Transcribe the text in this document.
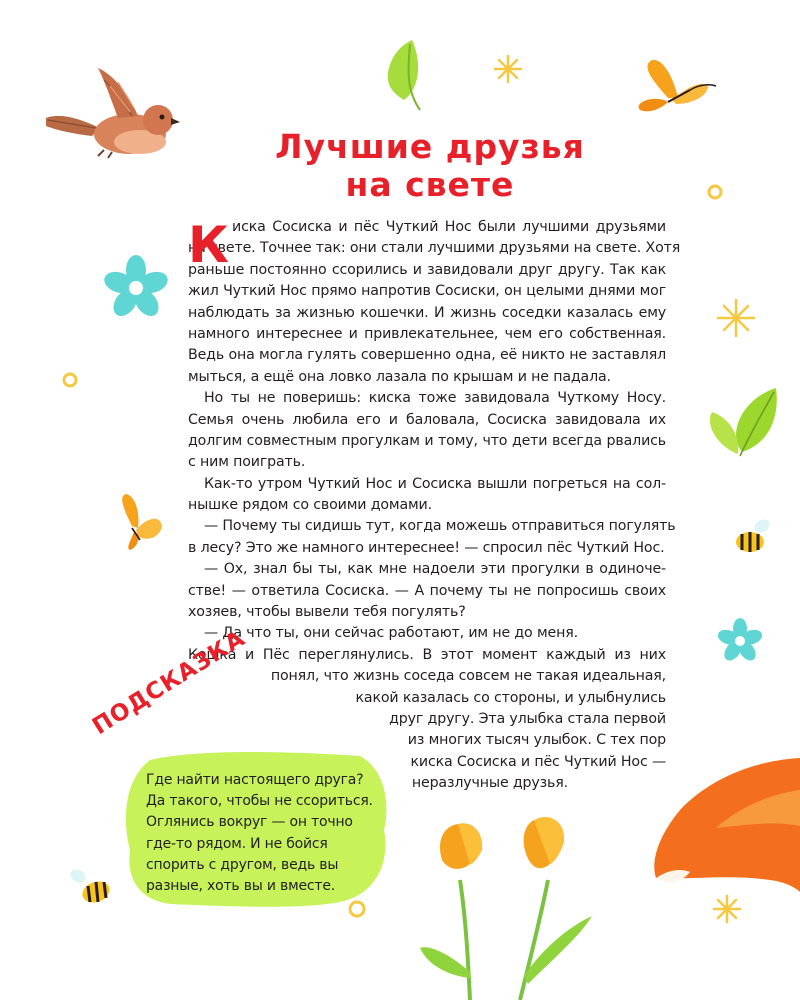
Лучшие друзья
на свете
К иска Сосиска и пёс Чуткий Нос были лучшими друзьями
на свете. Точнее так: они стали лучшими друзьями на свете. Хотя
раньше постоянно ссорились и завидовали друг другу. Так как
жил Чуткий Нос прямо напротив Сосиски, он целыми днями мог
наблюдать за жизнью кошечки. И жизнь соседки казалась ему
намного интереснее и привлекательнее, чем его собственная.
Ведь она могла гулять совершенно одна, её никто не заставлял
мыться, а ещё она ловко лазала по крышам и не падала.
Но ты не поверишь: киска тоже завидовала Чуткому Носу.
Семья очень любила его и баловала, Сосиска завидовала их
долгим совместным прогулкам и тому, что дети всегда рвались
с ним поиграть.
Как-то утром Чуткий Нос и Сосиска вышли погреться на сол-
нышке рядом со своими домами.
— Почему ты сидишь тут, когда можешь отправиться погулять
в лесу? Это же намного интереснее! — спросил пёс Чуткий Нос.
— Ох, знал бы ты, как мне надоели эти прогулки в одиноче-
стве! — ответила Сосиска. — А почему ты не попросишь своих
хозяев, чтобы вывели тебя погулять?
— Да что ты, они сейчас работают, им не до меня.
Кошка и Пёс переглянулись. В этот момент каждый из них
понял, что жизнь соседа совсем не такая идеальная,
какой казалась со стороны, и улыбнулись
друг другу. Эта улыбка стала первой
из многих тысяч улыбок. С тех пор
киска Сосиска и пёс Чуткий Нос —
неразлучные друзья.
ПОДСКАЗКА
Где найти настоящего друга?
Да такого, чтобы не ссориться.
Оглянись вокруг — он точно
где-то рядом. И не бойся
спорить с другом, ведь вы
разные, хоть вы и вместе.
